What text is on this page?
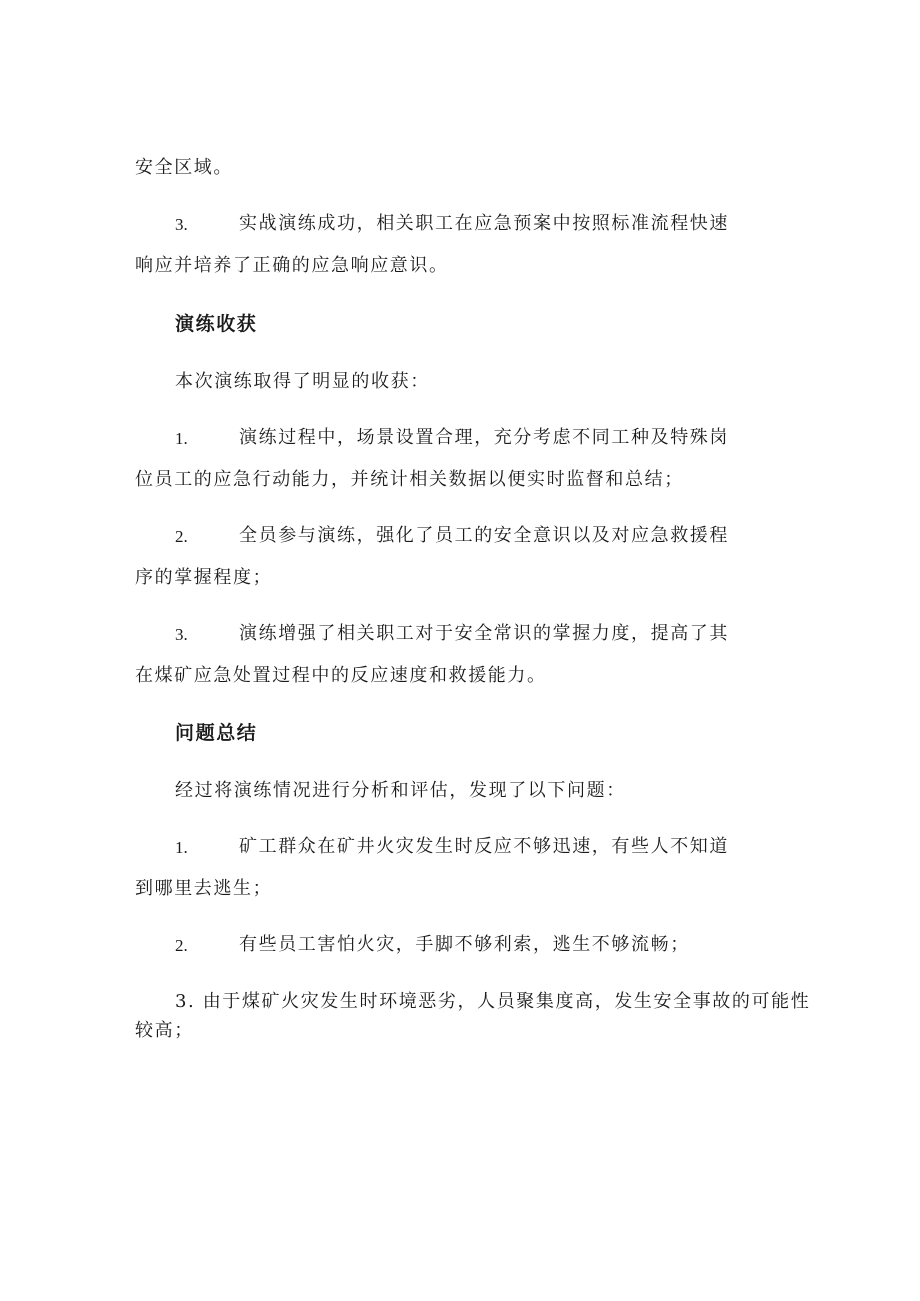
安全区域。
3.	实战演练成功，相关职工在应急预案中按照标准流程快速
响应并培养了正确的应急响应意识。
演练收获
本次演练取得了明显的收获：
1.	演练过程中，场景设置合理，充分考虑不同工种及特殊岗
位员工的应急行动能力，并统计相关数据以便实时监督和总结；
2.	全员参与演练，强化了员工的安全意识以及对应急救援程
序的掌握程度；
3.	演练增强了相关职工对于安全常识的掌握力度，提高了其
在煤矿应急处置过程中的反应速度和救援能力。
问题总结
经过将演练情况进行分析和评估，发现了以下问题：
1.	矿工群众在矿井火灾发生时反应不够迅速，有些人不知道
到哪里去逃生；
2.	有些员工害怕火灾，手脚不够利索，逃生不够流畅；
3. 由于煤矿火灾发生时环境恶劣，人员聚集度高，发生安全事故的可能性
较高；
